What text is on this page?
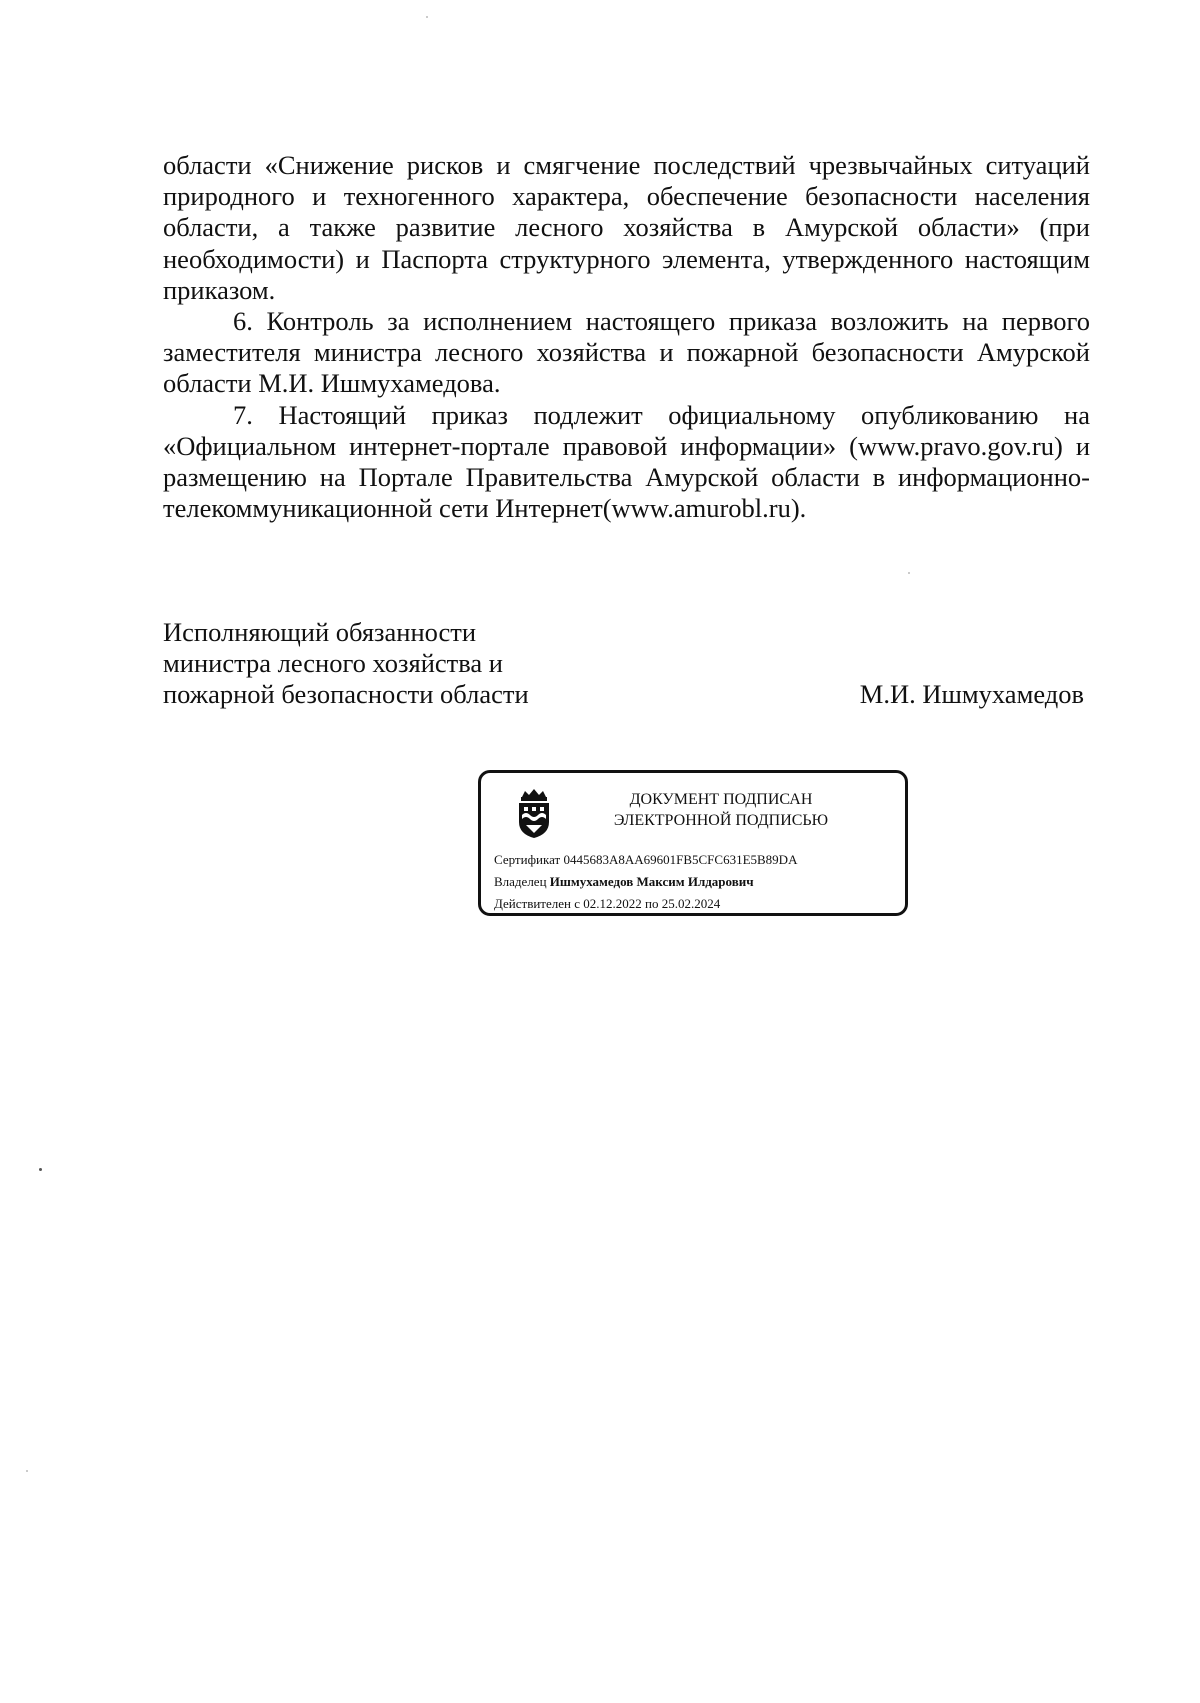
области «Снижение рисков и смягчение последствий чрезвычайных ситуаций природного и техногенного характера, обеспечение безопасности населения области, а также развитие лесного хозяйства в Амурской области» (при необходимости) и Паспорта структурного элемента, утвержденного настоящим приказом.

6. Контроль за исполнением настоящего приказа возложить на первого заместителя министра лесного хозяйства и пожарной безопасности Амурской области М.И. Ишмухамедова.

7. Настоящий приказ подлежит официальному опубликованию на «Официальном интернет-портале правовой информации» (www.pravo.gov.ru) и размещению на Портале Правительства Амурской области в информационно-телекоммуникационной сети Интернет(www.amurobl.ru).

Исполняющий обязанности

министра лесного хозяйства и

пожарной безопасности области	М.И. Ишмухамедов

ДОКУМЕНТ ПОДПИСАН
ЭЛЕКТРОННОЙ ПОДПИСЬЮ
Сертификат 0445683A8AA69601FB5CFC631E5B89DA
Владелец Ишмухамедов Максим Илдарович
Действителен с 02.12.2022 по 25.02.2024
